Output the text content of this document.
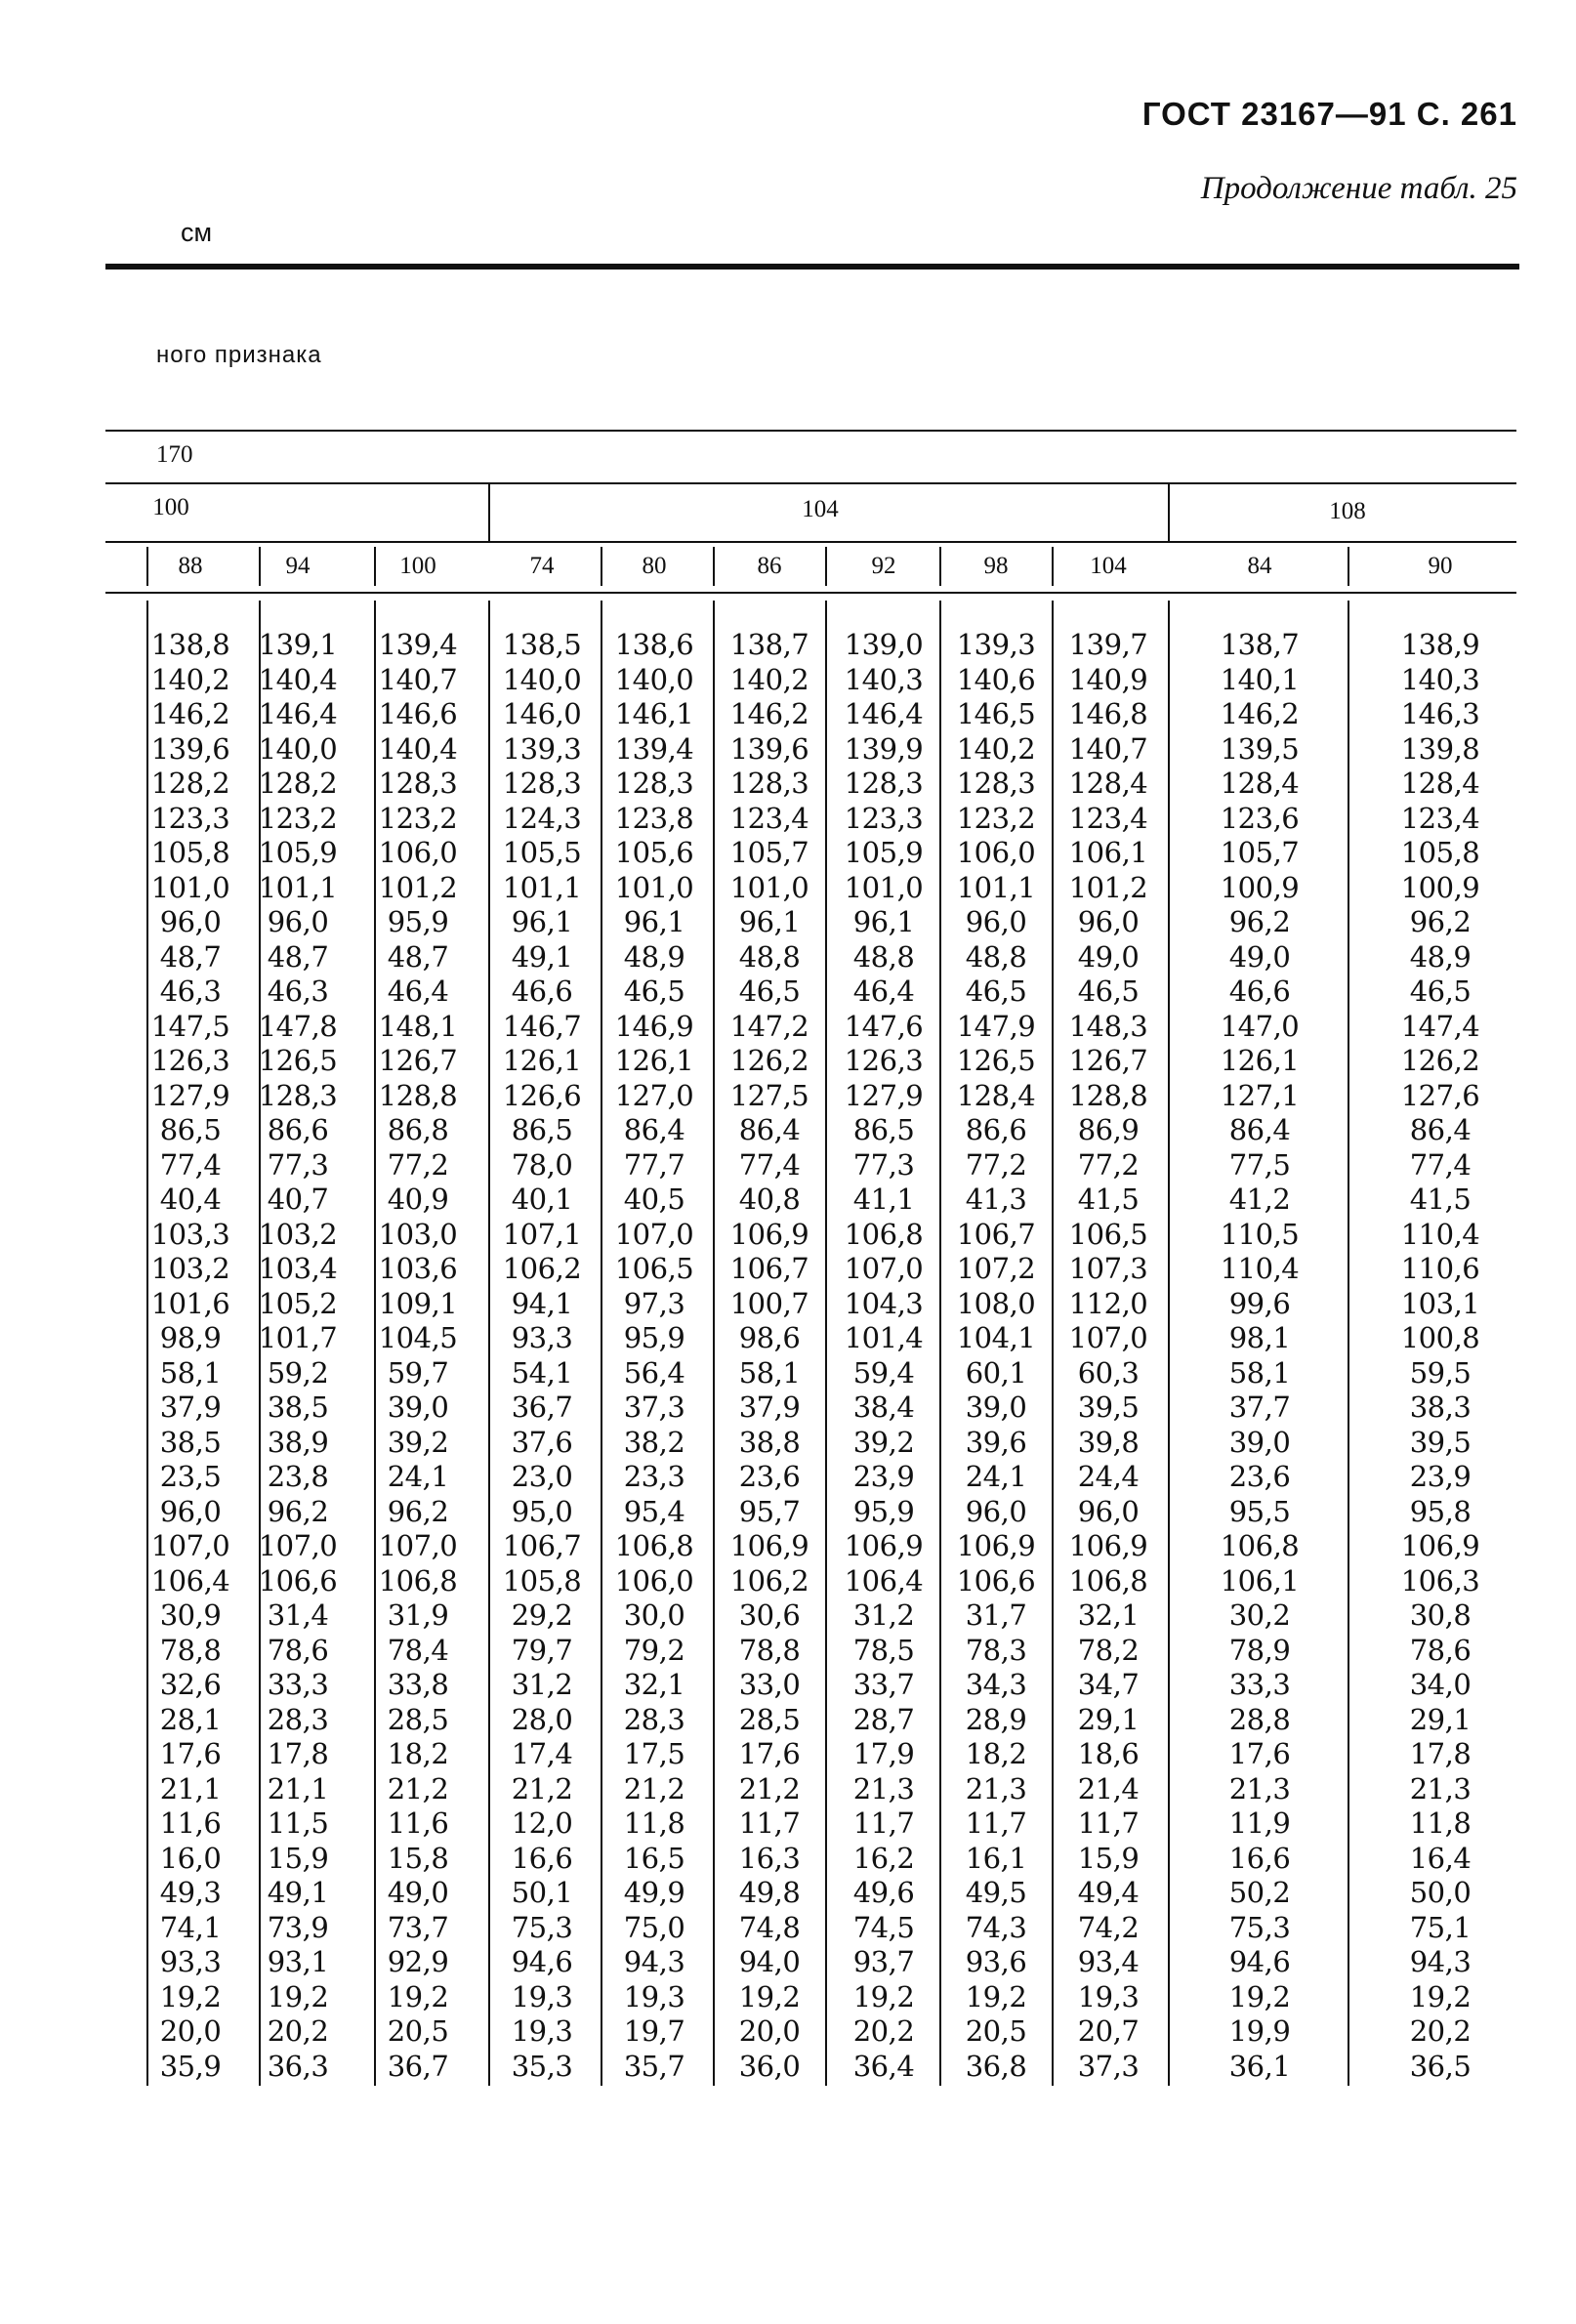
ГОСТ 23167—91 С. 261
Продолжение табл. 25
см
ного признака
170
100	104	108
88	94	100	74	80	86	92	98	104	84	90
138,8	139,1	139,4	138,5	138,6	138,7	139,0	139,3	139,7	138,7	138,9
140,2	140,4	140,7	140,0	140,0	140,2	140,3	140,6	140,9	140,1	140,3
146,2	146,4	146,6	146,0	146,1	146,2	146,4	146,5	146,8	146,2	146,3
139,6	140,0	140,4	139,3	139,4	139,6	139,9	140,2	140,7	139,5	139,8
128,2	128,2	128,3	128,3	128,3	128,3	128,3	128,3	128,4	128,4	128,4
123,3	123,2	123,2	124,3	123,8	123,4	123,3	123,2	123,4	123,6	123,4
105,8	105,9	106,0	105,5	105,6	105,7	105,9	106,0	106,1	105,7	105,8
101,0	101,1	101,2	101,1	101,0	101,0	101,0	101,1	101,2	100,9	100,9
96,0	96,0	95,9	96,1	96,1	96,1	96,1	96,0	96,0	96,2	96,2
48,7	48,7	48,7	49,1	48,9	48,8	48,8	48,8	49,0	49,0	48,9
46,3	46,3	46,4	46,6	46,5	46,5	46,4	46,5	46,5	46,6	46,5
147,5	147,8	148,1	146,7	146,9	147,2	147,6	147,9	148,3	147,0	147,4
126,3	126,5	126,7	126,1	126,1	126,2	126,3	126,5	126,7	126,1	126,2
127,9	128,3	128,8	126,6	127,0	127,5	127,9	128,4	128,8	127,1	127,6
86,5	86,6	86,8	86,5	86,4	86,4	86,5	86,6	86,9	86,4	86,4
77,4	77,3	77,2	78,0	77,7	77,4	77,3	77,2	77,2	77,5	77,4
40,4	40,7	40,9	40,1	40,5	40,8	41,1	41,3	41,5	41,2	41,5
103,3	103,2	103,0	107,1	107,0	106,9	106,8	106,7	106,5	110,5	110,4
103,2	103,4	103,6	106,2	106,5	106,7	107,0	107,2	107,3	110,4	110,6
101,6	105,2	109,1	94,1	97,3	100,7	104,3	108,0	112,0	99,6	103,1
98,9	101,7	104,5	93,3	95,9	98,6	101,4	104,1	107,0	98,1	100,8
58,1	59,2	59,7	54,1	56,4	58,1	59,4	60,1	60,3	58,1	59,5
37,9	38,5	39,0	36,7	37,3	37,9	38,4	39,0	39,5	37,7	38,3
38,5	38,9	39,2	37,6	38,2	38,8	39,2	39,6	39,8	39,0	39,5
23,5	23,8	24,1	23,0	23,3	23,6	23,9	24,1	24,4	23,6	23,9
96,0	96,2	96,2	95,0	95,4	95,7	95,9	96,0	96,0	95,5	95,8
107,0	107,0	107,0	106,7	106,8	106,9	106,9	106,9	106,9	106,8	106,9
106,4	106,6	106,8	105,8	106,0	106,2	106,4	106,6	106,8	106,1	106,3
30,9	31,4	31,9	29,2	30,0	30,6	31,2	31,7	32,1	30,2	30,8
78,8	78,6	78,4	79,7	79,2	78,8	78,5	78,3	78,2	78,9	78,6
32,6	33,3	33,8	31,2	32,1	33,0	33,7	34,3	34,7	33,3	34,0
28,1	28,3	28,5	28,0	28,3	28,5	28,7	28,9	29,1	28,8	29,1
17,6	17,8	18,2	17,4	17,5	17,6	17,9	18,2	18,6	17,6	17,8
21,1	21,1	21,2	21,2	21,2	21,2	21,3	21,3	21,4	21,3	21,3
11,6	11,5	11,6	12,0	11,8	11,7	11,7	11,7	11,7	11,9	11,8
16,0	15,9	15,8	16,6	16,5	16,3	16,2	16,1	15,9	16,6	16,4
49,3	49,1	49,0	50,1	49,9	49,8	49,6	49,5	49,4	50,2	50,0
74,1	73,9	73,7	75,3	75,0	74,8	74,5	74,3	74,2	75,3	75,1
93,3	93,1	92,9	94,6	94,3	94,0	93,7	93,6	93,4	94,6	94,3
19,2	19,2	19,2	19,3	19,3	19,2	19,2	19,2	19,3	19,2	19,2
20,0	20,2	20,5	19,3	19,7	20,0	20,2	20,5	20,7	19,9	20,2
35,9	36,3	36,7	35,3	35,7	36,0	36,4	36,8	37,3	36,1	36,5
